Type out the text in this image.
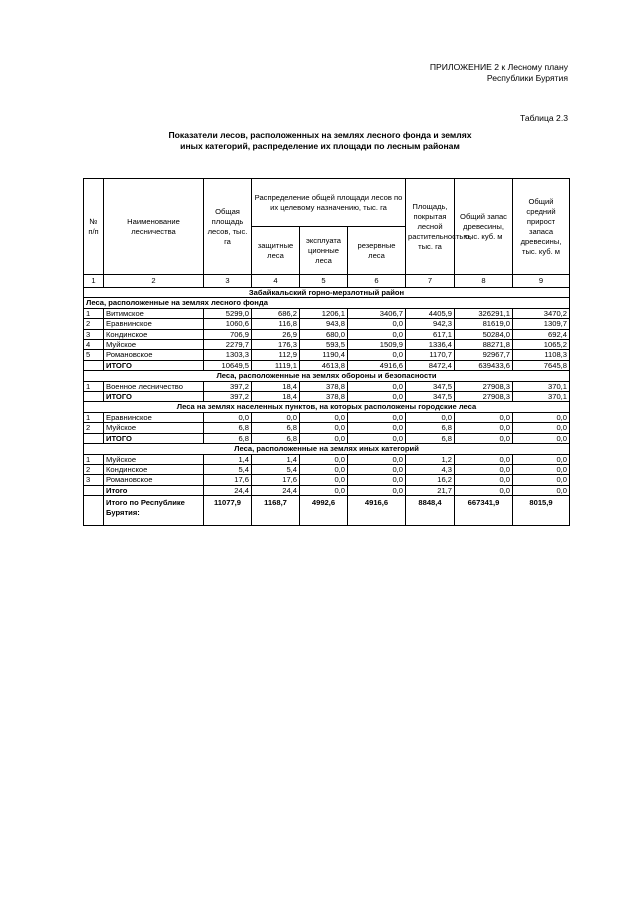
ПРИЛОЖЕНИЕ 2 к Лесному плану
Республики Бурятия
Таблица 2.3
Показатели лесов, расположенных на землях лесного фонда и землях
иных категорий, распределение их площади по лесным районам
№ п/п	Наименование лесничества	Общая площадь лесов, тыс. га	Распределение общей площади лесов по их целевому назначению, тыс. га			Площадь, покрытая лесной растительностью, тыс. га	Общий запас древесины, тыс. куб. м	Общий средний прирост запаса древесины, тыс. куб. м
			защитные леса	эксплуата ционные леса	резервные леса			
1	2	3	4	5	6	7	8	9
Забайкальский горно-мерзлотный район								
Леса, расположенные на землях лесного фонда								
1	Витимское	5299,0	686,2	1206,1	3406,7	4405,9	326291,1	3470,2
2	Еравнинское	1060,6	116,8	943,8	0,0	942,3	81619,0	1309,7
3	Кондинское	706,9	26,9	680,0	0,0	617,1	50284,0	692,4
4	Муйское	2279,7	176,3	593,5	1509,9	1336,4	88271,8	1065,2
5	Романовское	1303,3	112,9	1190,4	0,0	1170,7	92967,7	1108,3
	ИТОГО	10649,5	1119,1	4613,8	4916,6	8472,4	639433,6	7645,8
Леса, расположенные на землях обороны и безопасности								
1	Военное лесничество	397,2	18,4	378,8	0,0	347,5	27908,3	370,1
	ИТОГО	397,2	18,4	378,8	0,0	347,5	27908,3	370,1
Леса на землях населенных пунктов, на которых расположены городские леса								
1	Еравнинское	0,0	0,0	0,0	0,0	0,0	0,0	0,0
2	Муйское	6,8	6,8	0,0	0,0	6,8	0,0	0,0
	ИТОГО	6,8	6,8	0,0	0,0	6,8	0,0	0,0
Леса, расположенные на землях иных категорий								
1	Муйское	1,4	1,4	0,0	0,0	1,2	0,0	0,0
2	Кондинское	5,4	5,4	0,0	0,0	4,3	0,0	0,0
3	Романовское	17,6	17,6	0,0	0,0	16,2	0,0	0,0
	Итого	24,4	24,4	0,0	0,0	21,7	0,0	0,0
	Итого по Республике Бурятия:	11077,9	1168,7	4992,6	4916,6	8848,4	667341,9	8015,9
